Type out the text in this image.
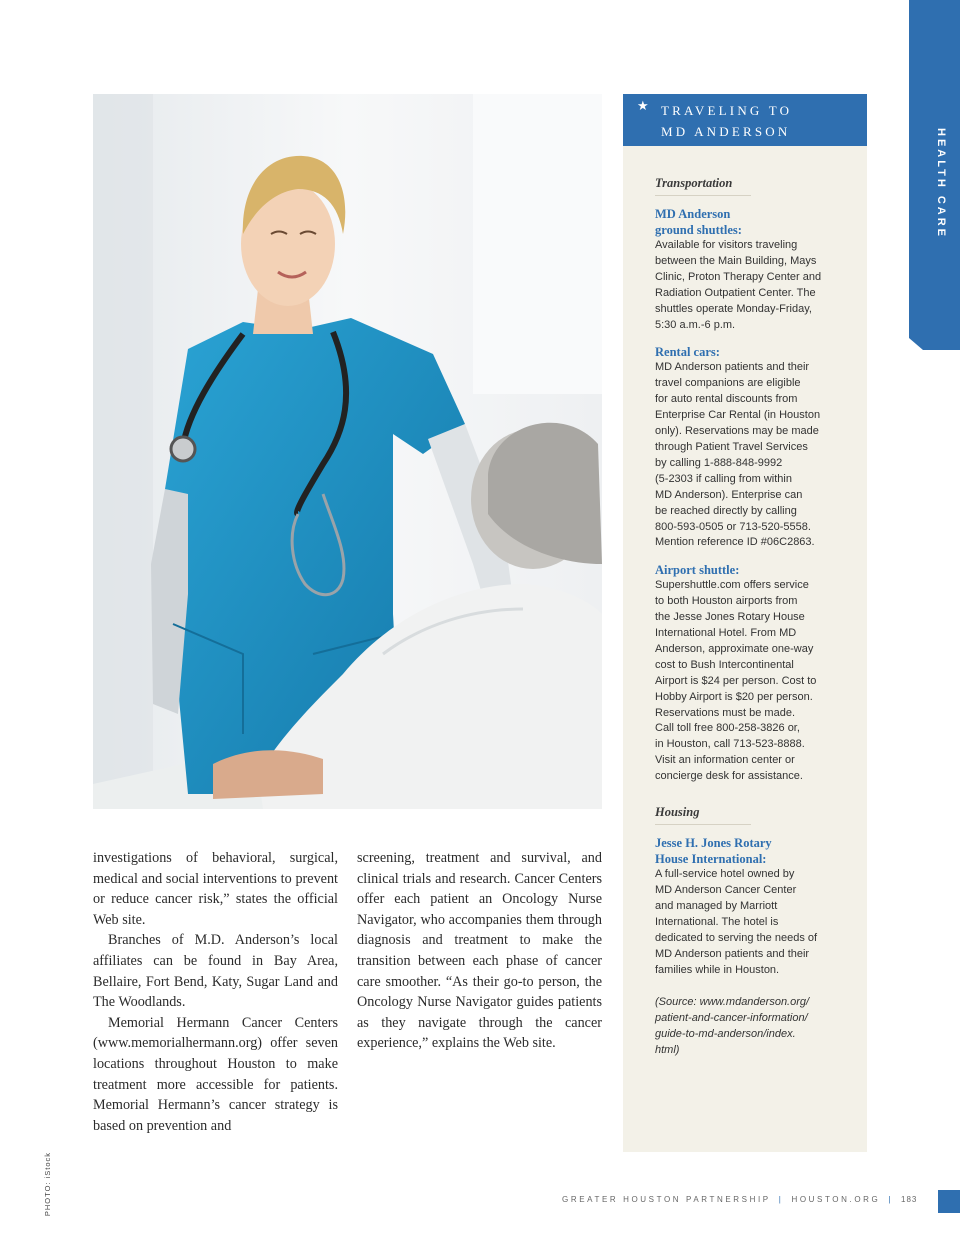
HEALTH CARE
PHOTO: iStock

investigations of behavioral, surgical, medical and social interventions to prevent or reduce cancer risk,” states the official Web site.

Branches of M.D. Anderson’s local affiliates can be found in Bay Area, Bellaire, Fort Bend, Katy, Sugar Land and The Woodlands.

Memorial Hermann Cancer Centers (www.memorialhermann.org) offer seven locations throughout Houston to make treatment more accessible for patients. Memorial Hermann’s cancer strategy is based on prevention and

screening, treatment and survival, and clinical trials and research. Cancer Centers offer each patient an Oncology Nurse Navigator, who accompanies them through diagnosis and treatment to make the transition between each phase of cancer care smoother. “As their go-to person, the Oncology Nurse Navigator guides patients as they navigate through the cancer experience,” explains the Web site.

★ TRAVELING TO
MD ANDERSON
Transportation
MD Anderson
ground shuttles:
Available for visitors traveling
between the Main Building, Mays
Clinic, Proton Therapy Center and
Radiation Outpatient Center. The
shuttles operate Monday-Friday,
5:30 a.m.-6 p.m.
Rental cars:
MD Anderson patients and their
travel companions are eligible
for auto rental discounts from
Enterprise Car Rental (in Houston
only). Reservations may be made
through Patient Travel Services
by calling 1-888-848-9992
(5-2303 if calling from within
MD Anderson). Enterprise can
be reached directly by calling
800-593-0505 or 713-520-5558.
Mention reference ID #06C2863.
Airport shuttle:
Supershuttle.com offers service
to both Houston airports from
the Jesse Jones Rotary House
International Hotel. From MD
Anderson, approximate one-way
cost to Bush Intercontinental
Airport is $24 per person. Cost to
Hobby Airport is $20 per person.
Reservations must be made.
Call toll free 800-258-3826 or,
in Houston, call 713-523-8888.
Visit an information center or
concierge desk for assistance.
Housing
Jesse H. Jones Rotary
House International:
A full-service hotel owned by
MD Anderson Cancer Center
and managed by Marriott
International. The hotel is
dedicated to serving the needs of
MD Anderson patients and their
families while in Houston.
(Source: www.mdanderson.org/
patient-and-cancer-information/
guide-to-md-anderson/index.
html)
GREATER HOUSTON PARTNERSHIP | HOUSTON.ORG | 183
